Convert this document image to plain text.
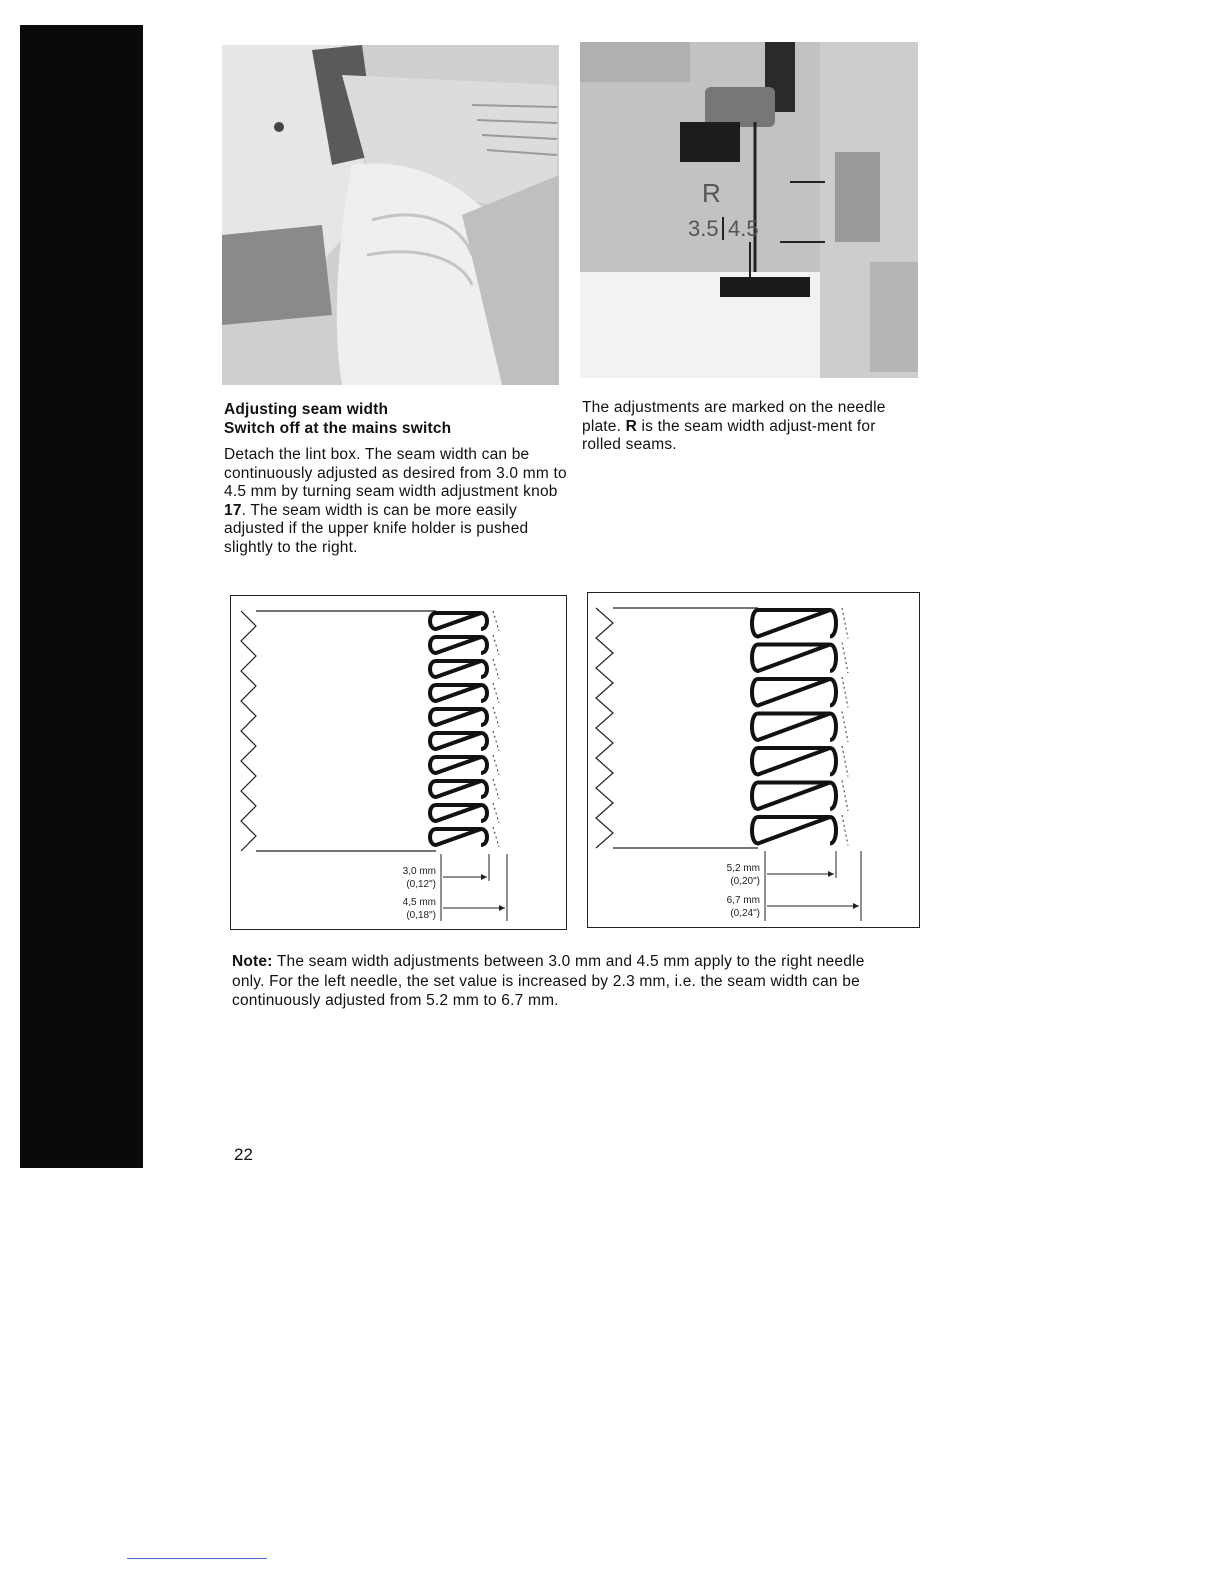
R
3.5 4.5

Adjusting seam width

Switch off at the mains switch

Detach the lint box. The seam width can be continuously adjusted as desired from 3.0 mm to 4.5 mm by turning seam width adjustment knob 17. The seam width is can be more easily adjusted if the upper knife holder is pushed slightly to the right.

The adjustments are marked on the needle plate. R is the seam width adjust-ment for rolled seams.
3,0 mm
(0,12")
4,5 mm
(0,18")
5,2 mm
(0,20")
6,7 mm
(0,24")
Note: The seam width adjustments between 3.0 mm and 4.5 mm apply to the right needle only. For the left needle, the set value is increased by 2.3 mm, i.e. the seam width can be continuously adjusted from 5.2 mm to 6.7 mm.
22
